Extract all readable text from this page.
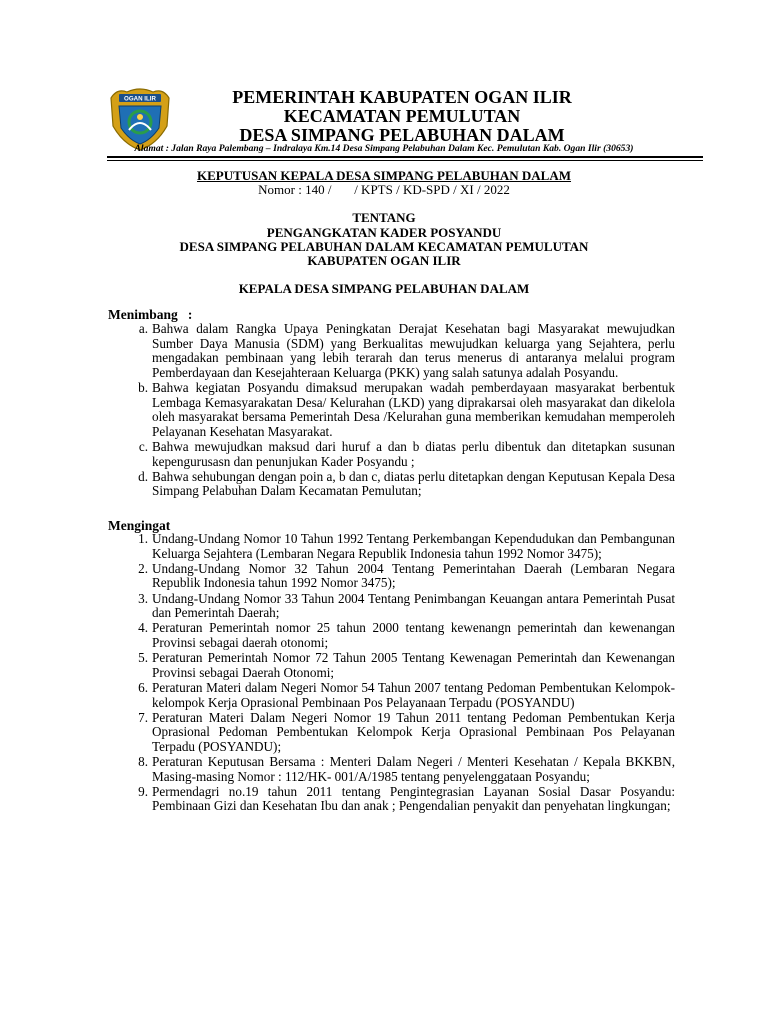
OGAN ILIR	PEMERINTAH KABUPATEN OGAN ILIR
KECAMATAN PEMULUTAN
DESA SIMPANG PELABUHAN DALAM
Alamat : Jalan Raya Palembang – Indralaya Km.14 Desa Simpang Pelabuhan Dalam Kec. Pemulutan Kab. Ogan Ilir (30653)
KEPUTUSAN KEPALA DESA SIMPANG PELABUHAN DALAM
Nomor : 140 /       / KPTS / KD-SPD / XI / 2022
TENTANG
PENGANGKATAN KADER POSYANDU
DESA SIMPANG PELABUHAN DALAM KECAMATAN PEMULUTAN
KABUPATEN OGAN ILIR
KEPALA DESA SIMPANG PELABUHAN DALAM
Menimbang   :
a. Bahwa dalam Rangka Upaya Peningkatan Derajat Kesehatan bagi Masyarakat mewujudkan Sumber Daya Manusia (SDM) yang Berkualitas mewujudkan keluarga yang Sejahtera, perlu mengadakan pembinaan yang lebih terarah dan terus menerus di antaranya melalui program Pemberdayaan dan Kesejahteraan Keluarga (PKK) yang salah satunya adalah Posyandu.
b. Bahwa kegiatan Posyandu dimaksud merupakan wadah pemberdayaan masyarakat berbentuk Lembaga Kemasyarakatan Desa/ Kelurahan (LKD) yang diprakarsai oleh masyarakat dan dikelola oleh masyarakat bersama Pemerintah Desa /Kelurahan guna memberikan kemudahan memperoleh Pelayanan Kesehatan Masyarakat.
c. Bahwa mewujudkan maksud dari huruf a dan b diatas perlu dibentuk dan ditetapkan susunan kepengurusasn dan penunjukan Kader Posyandu ;
d. Bahwa sehubungan dengan poin a, b dan c, diatas perlu ditetapkan dengan Keputusan Kepala Desa Simpang Pelabuhan Dalam Kecamatan Pemulutan;
Mengingat
1. Undang-Undang Nomor 10 Tahun 1992 Tentang Perkembangan Kependudukan dan Pembangunan Keluarga Sejahtera (Lembaran Negara Republik Indonesia tahun 1992 Nomor 3475);
2. Undang-Undang Nomor 32 Tahun 2004 Tentang Pemerintahan Daerah (Lembaran Negara Republik Indonesia tahun 1992 Nomor 3475);
3. Undang-Undang Nomor 33 Tahun 2004 Tentang Penimbangan Keuangan antara Pemerintah Pusat dan Pemerintah Daerah;
4. Peraturan Pemerintah nomor 25 tahun 2000 tentang kewenangn pemerintah dan kewenangan Provinsi sebagai daerah otonomi;
5. Peraturan Pemerintah Nomor 72 Tahun 2005 Tentang Kewenagan Pemerintah dan Kewenangan Provinsi sebagai Daerah Otonomi;
6. Peraturan Materi dalam Negeri Nomor 54 Tahun 2007 tentang Pedoman Pembentukan Kelompok-kelompok Kerja Oprasional Pembinaan Pos Pelayanaan Terpadu (POSYANDU)
7. Peraturan Materi Dalam Negeri Nomor 19 Tahun 2011 tentang Pedoman Pembentukan Kerja Oprasional Pedoman Pembentukan Kelompok Kerja Oprasional Pembinaan Pos Pelayanan Terpadu (POSYANDU);
8. Peraturan Keputusan Bersama : Menteri Dalam Negeri / Menteri Kesehatan / Kepala BKKBN, Masing-masing Nomor : 112/HK- 001/A/1985 tentang penyelenggataan Posyandu;
9. Permendagri no.19 tahun 2011 tentang Pengintegrasian Layanan Sosial Dasar Posyandu: Pembinaan Gizi dan Kesehatan Ibu dan anak ; Pengendalian penyakit dan penyehatan lingkungan;
